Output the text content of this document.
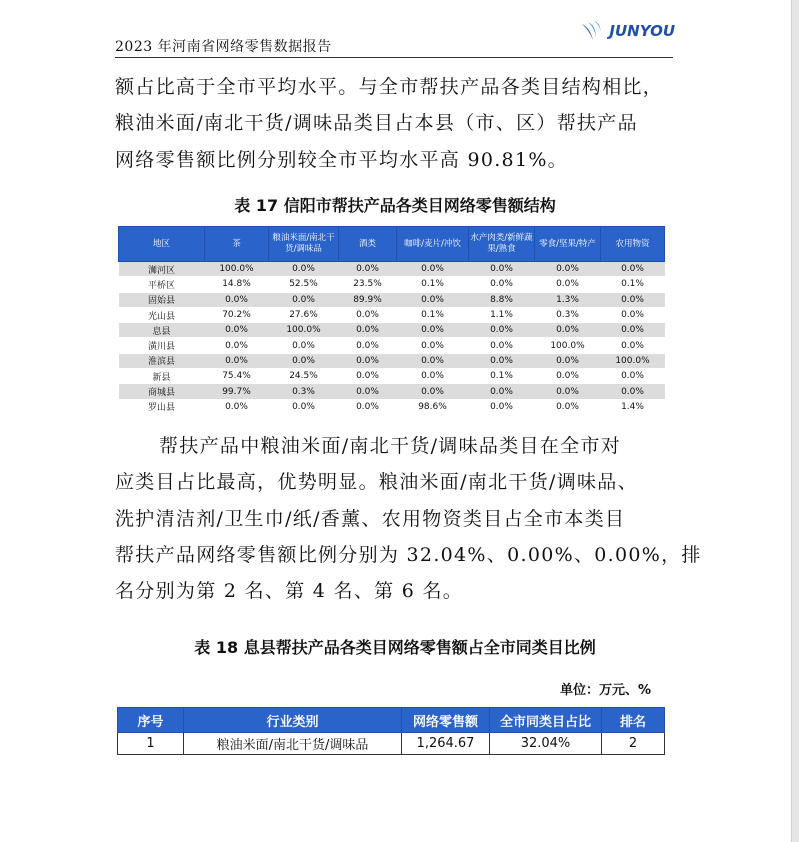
2023 年河南省网络零售数据报告
JUNYOU

额占比高于全市平均水平。与全市帮扶产品各类目结构相比，

粮油米面/南北干货/调味品类目占本县（市、区）帮扶产品

网络零售额比例分别较全市平均水平高 90.81%。

表 17 信阳市帮扶产品各类目网络零售额结构
地区	茶	粮油米面/南北干货/调味品	酒类	咖啡/麦片/冲饮	水产肉类/新鲜蔬果/熟食	零食/坚果/特产	农用物资
浉河区	100.0%	0.0%	0.0%	0.0%	0.0%	0.0%	0.0%
平桥区	14.8%	52.5%	23.5%	0.1%	0.0%	0.0%	0.1%
固始县	0.0%	0.0%	89.9%	0.0%	8.8%	1.3%	0.0%
光山县	70.2%	27.6%	0.0%	0.1%	1.1%	0.3%	0.0%
息县	0.0%	100.0%	0.0%	0.0%	0.0%	0.0%	0.0%
潢川县	0.0%	0.0%	0.0%	0.0%	0.0%	100.0%	0.0%
淮滨县	0.0%	0.0%	0.0%	0.0%	0.0%	0.0%	100.0%
新县	75.4%	24.5%	0.0%	0.0%	0.1%	0.0%	0.0%
商城县	99.7%	0.3%	0.0%	0.0%	0.0%	0.0%	0.0%
罗山县	0.0%	0.0%	0.0%	98.6%	0.0%	0.0%	1.4%

帮扶产品中粮油米面/南北干货/调味品类目在全市对

应类目占比最高，优势明显。粮油米面/南北干货/调味品、

洗护清洁剂/卫生巾/纸/香薰、农用物资类目占全市本类目

帮扶产品网络零售额比例分别为 32.04%、0.00%、0.00%，排

名分别为第 2 名、第 4 名、第 6 名。

表 18 息县帮扶产品各类目网络零售额占全市同类目比例
单位：万元、%
序号	行业类别	网络零售额	全市同类目占比	排名
1	粮油米面/南北干货/调味品	1,264.67	32.04%	2
